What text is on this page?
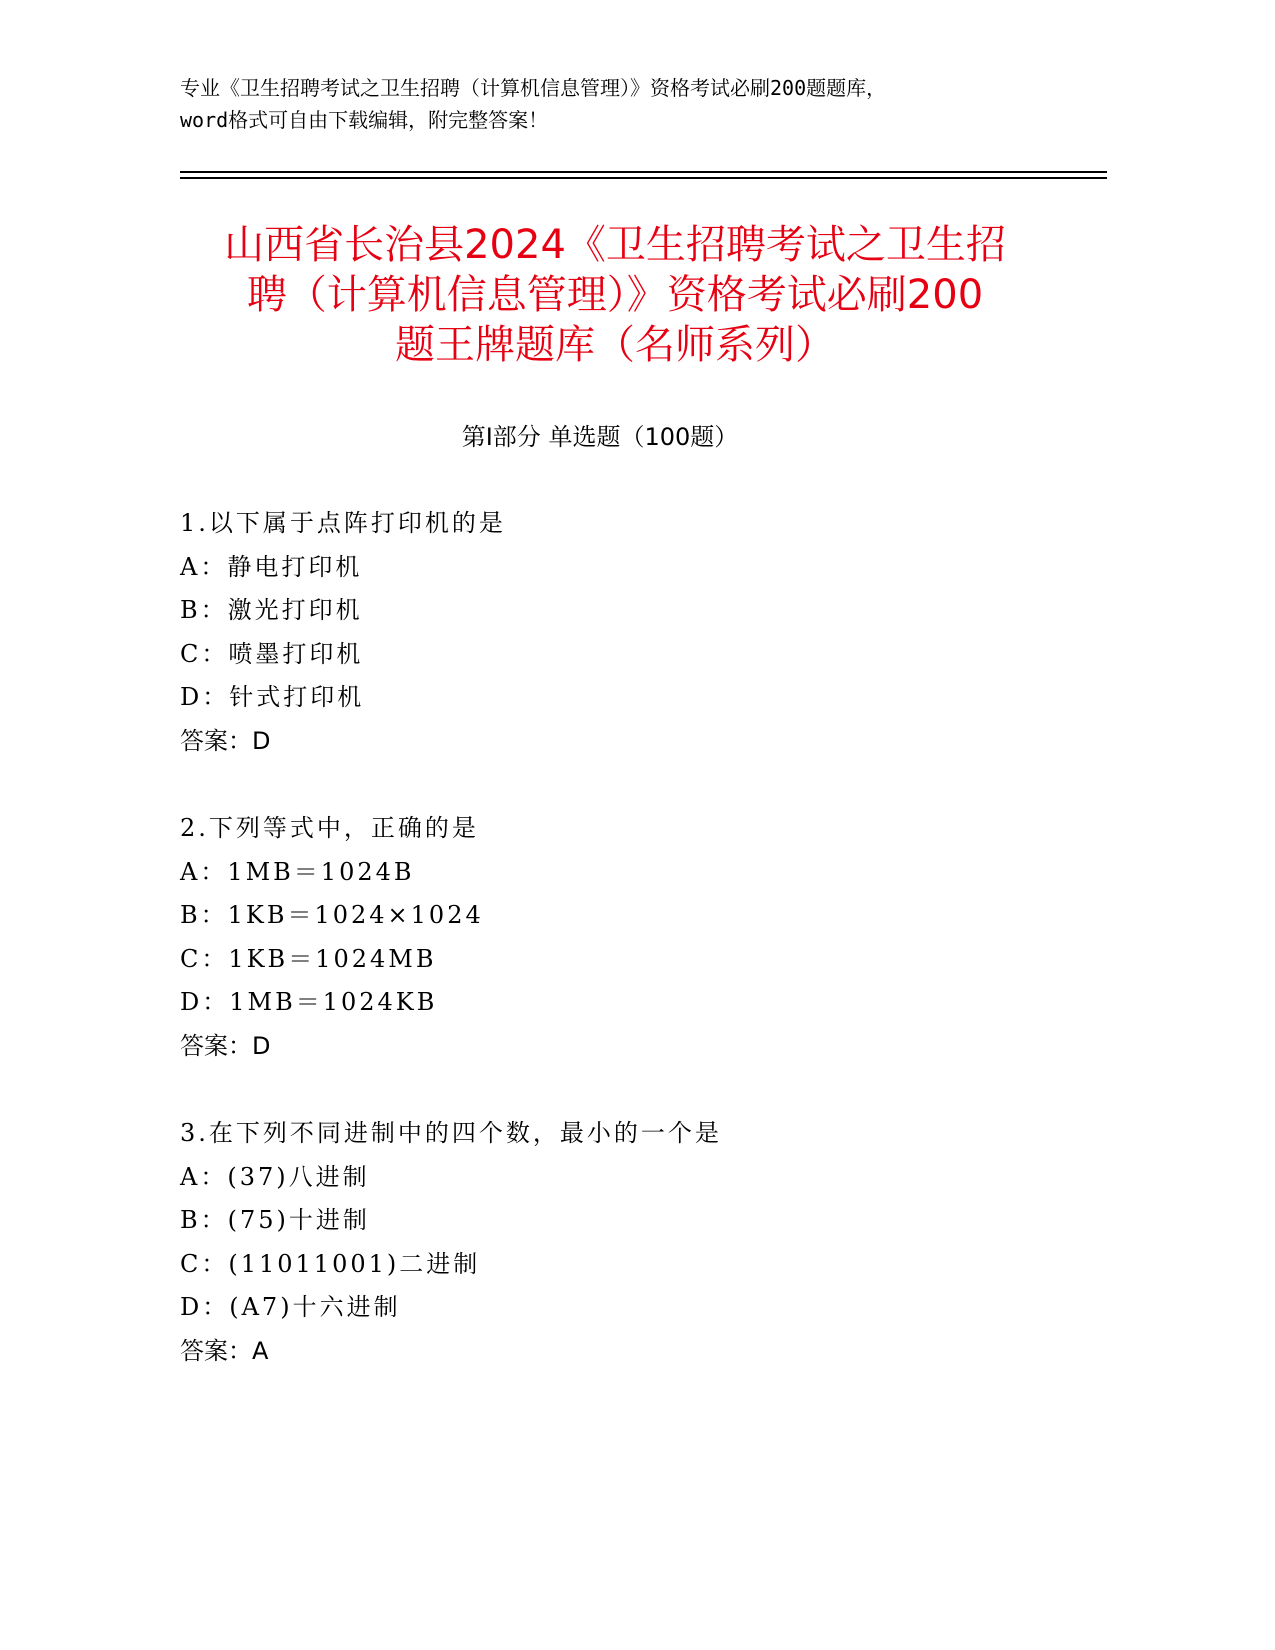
专业《卫生招聘考试之卫生招聘（计算机信息管理）》资格考试必刷200题题库，
word格式可自由下载编辑，附完整答案！
山西省长治县2024《卫生招聘考试之卫生招
聘（计算机信息管理）》资格考试必刷200
题王牌题库（名师系列）
第Ⅰ部分 单选题（100题）
1.以下属于点阵打印机的是
A：静电打印机
B：激光打印机
C：喷墨打印机
D：针式打印机
答案：D
2.下列等式中，正确的是
A：1MB＝1024B
B：1KB＝1024×1024
C：1KB＝1024MB
D：1MB＝1024KB
答案：D
3.在下列不同进制中的四个数，最小的一个是
A：(37)八进制
B：(75)十进制
C：(11011001)二进制
D：(A7)十六进制
答案：A
